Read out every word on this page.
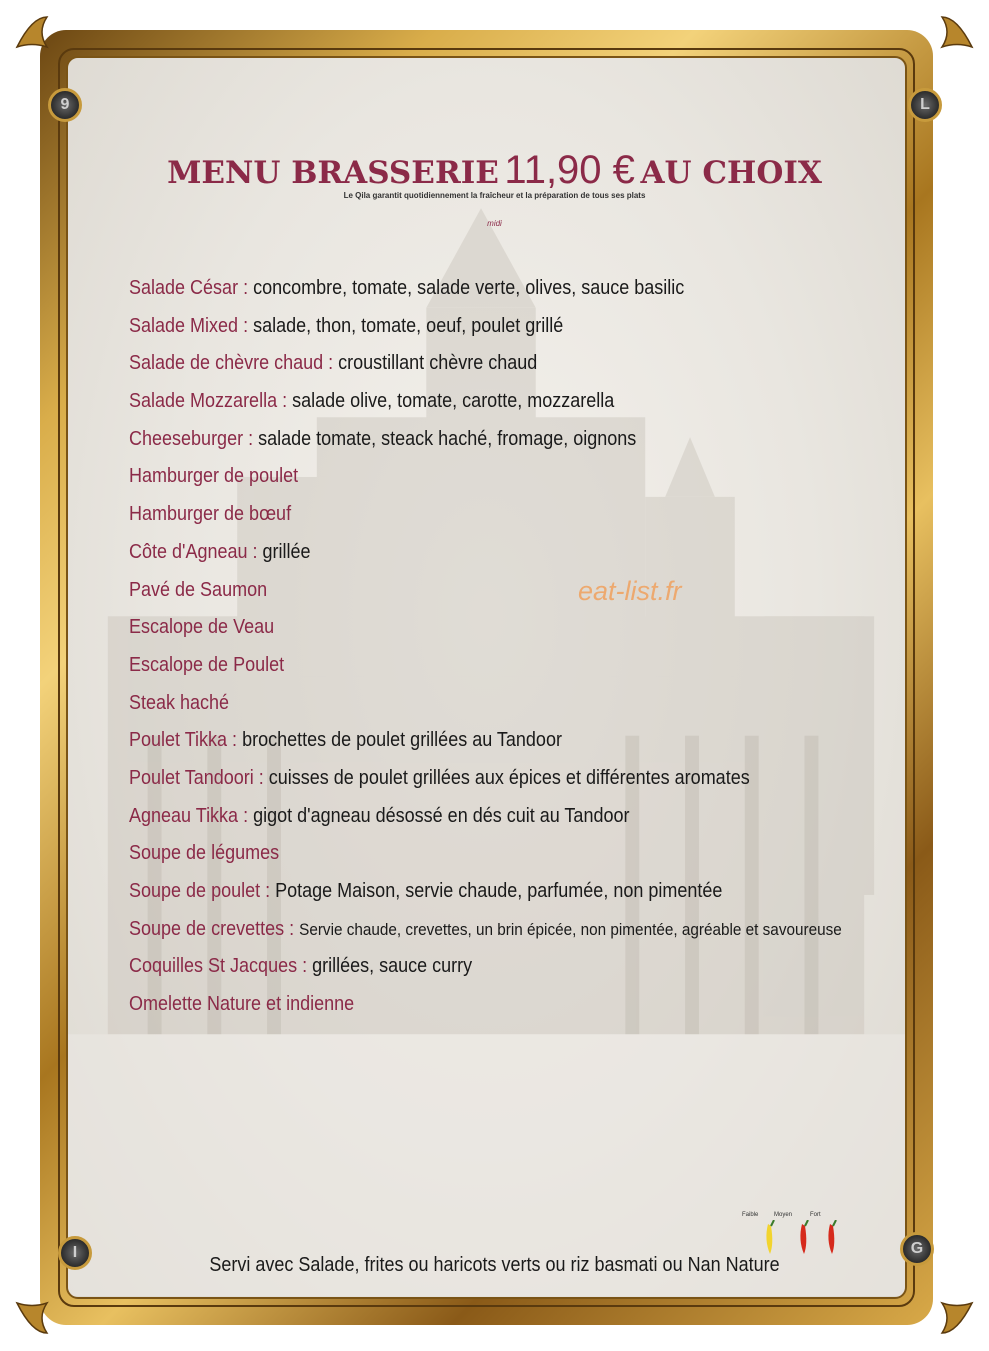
9	L
I	G
MENU BRASSERIE 11,90 € AU CHOIX
Le Qila garantit quotidiennement la fraîcheur et la préparation de tous ses plats
midi
Salade César : concombre, tomate, salade verte, olives, sauce basilic
Salade Mixed : salade, thon, tomate, oeuf, poulet grillé
Salade de chèvre chaud : croustillant chèvre chaud
Salade Mozzarella : salade olive, tomate, carotte, mozzarella
Cheeseburger : salade tomate, steack haché, fromage, oignons
Hamburger de poulet
Hamburger de bœuf
Côte d'Agneau : grillée
Pavé de Saumon
Escalope de Veau
Escalope de Poulet
Steak haché
Poulet Tikka : brochettes de poulet grillées au Tandoor
Poulet Tandoori : cuisses de poulet grillées aux épices et différentes aromates
Agneau Tikka : gigot d'agneau désossé en dés cuit au Tandoor
Soupe de légumes
Soupe de poulet : Potage Maison, servie chaude, parfumée, non pimentée
Soupe de crevettes : Servie chaude, crevettes, un brin épicée, non pimentée, agréable et savoureuse
Coquilles St Jacques : grillées, sauce curry
Omelette Nature et indienne
eat-list.fr
Faible	Moyen	Fort
Servi avec Salade, frites ou haricots verts ou riz basmati ou Nan Nature
